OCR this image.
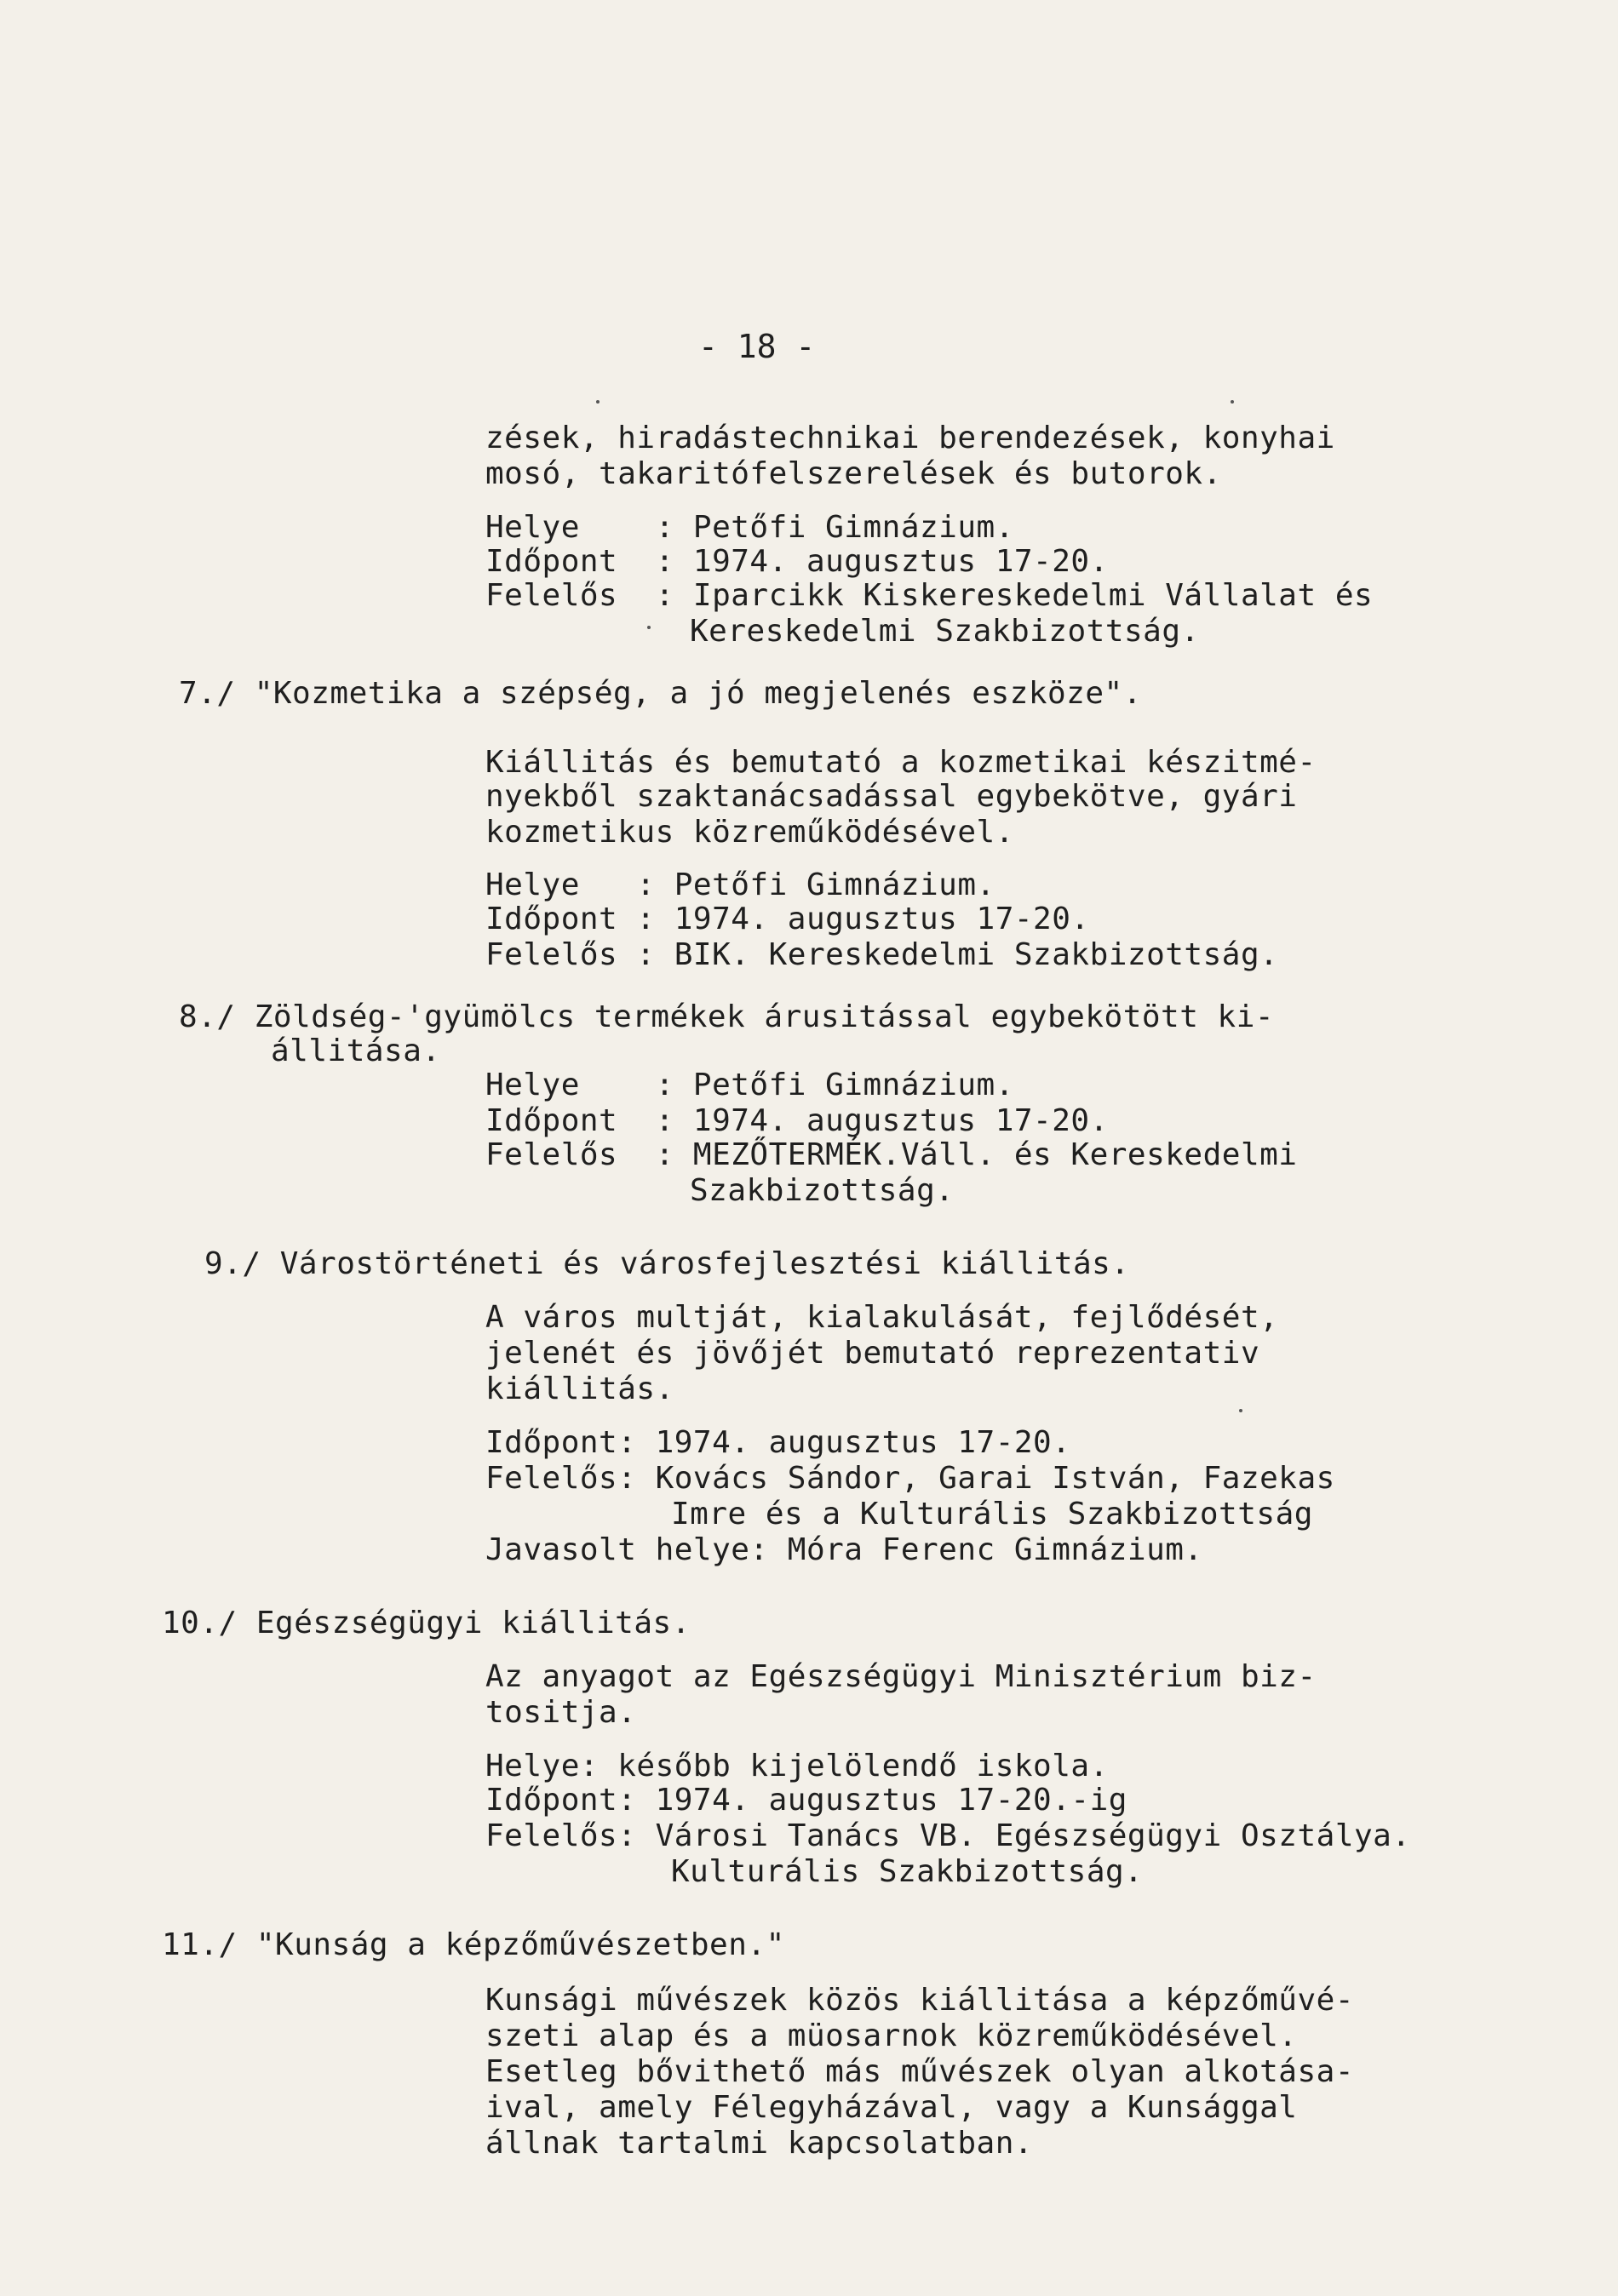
- 18 -
zések, hiradástechnikai berendezések, konyhai
mosó, takaritófelszerelések és butorok.
Helye    : Petőfi Gimnázium.
Időpont  : 1974. augusztus 17-20.
Felelős  : Iparcikk Kiskereskedelmi Vállalat és
Kereskedelmi Szakbizottság.
7./ "Kozmetika a szépség, a jó megjelenés eszköze".
Kiállitás és bemutató a kozmetikai készitmé-
nyekből szaktanácsadással egybekötve, gyári
kozmetikus közreműködésével.
Helye   : Petőfi Gimnázium.
Időpont : 1974. augusztus 17-20.
Felelős : BIK. Kereskedelmi Szakbizottság.
8./ Zöldség-'gyümölcs termékek árusitással egybekötött ki-
állitása.
Helye    : Petőfi Gimnázium.
Időpont  : 1974. augusztus 17-20.
Felelős  : MEZŐTERMÉK.Váll. és Kereskedelmi
Szakbizottság.
9./ Várostörténeti és városfejlesztési kiállitás.
A város multját, kialakulását, fejlődését,
jelenét és jövőjét bemutató reprezentativ
kiállitás.
Időpont: 1974. augusztus 17-20.
Felelős: Kovács Sándor, Garai István, Fazekas
Imre és a Kulturális Szakbizottság
Javasolt helye: Móra Ferenc Gimnázium.
10./ Egészségügyi kiállitás.
Az anyagot az Egészségügyi Minisztérium biz-
tositja.
Helye: később kijelölendő iskola.
Időpont: 1974. augusztus 17-20.-ig
Felelős: Városi Tanács VB. Egészségügyi Osztálya.
Kulturális Szakbizottság.
11./ "Kunság a képzőművészetben."
Kunsági művészek közös kiállitása a képzőművé-
szeti alap és a müosarnok közreműködésével.
Esetleg bővithető más művészek olyan alkotása-
ival, amely Félegyházával, vagy a Kunsággal
állnak tartalmi kapcsolatban.
